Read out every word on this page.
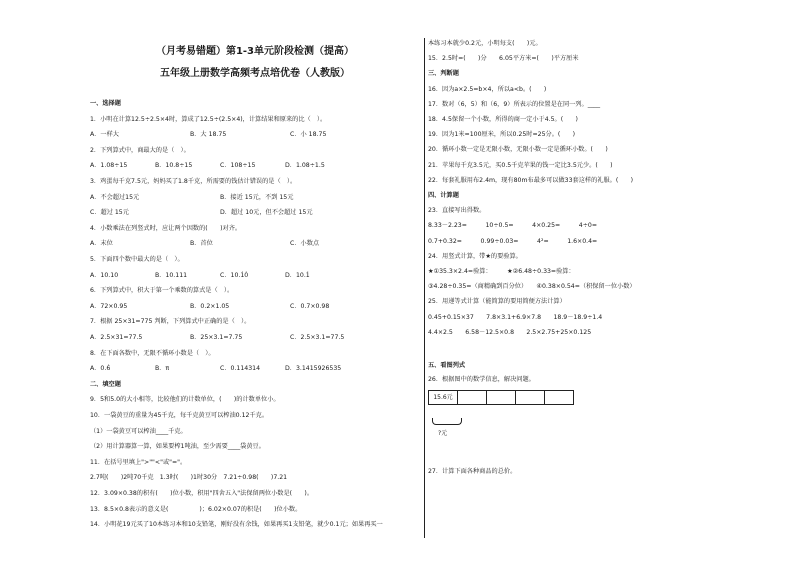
（月考易错题）第1-3单元阶段检测（提高）
五年级上册数学高频考点培优卷（人教版）
一、选择题
1．小明在计算12.5÷2.5×4时，算成了12.5÷(2.5×4)，计算结果和原来的比（　）。
A．一样大	B．大 18.75	C．小 18.75
2．下列算式中，商最大的是（　）。
A．1.08÷15	B．10.8÷15	C．108÷15	D．1.08÷1.5
3．鸡蛋每千克7.5元，妈妈买了1.8千克，所需要的钱估计错误的是（　）。
A．不会超过15元	B．接近 15元，不到 15元
C．超过 15元	D．超过 10元，但不会超过 15元
4．小数乘法在列竖式时，应让两个因数的(　　)对齐。
A．末位	B．首位	C．小数点
5．下面四个数中最大的是（　）。
A．10.10	B．10.111	C．10.1̇0̇	D．10.1̇
6．下列算式中，积大于第一个乘数的算式是（　）。
A．72×0.95	B．0.2×1.05	C．0.7×0.98
7．根据 25×31=775 判断，下列算式中正确的是（　）。
A．2.5×31=77.5	B．25×3.1=7.75	C．2.5×3.1=77.5
8．在下面各数中，无限不循环小数是（　）。
A．0.6̇	B．π	C．0.114314	D．3.1415926535
二、填空题
9．5和5.0的大小相等，比较他们的计数单位，(　　)的计数单位小。
10．一袋黄豆的重量为45千克，每千克黄豆可以榨油0.12千克。
（1）一袋黄豆可以榨油____千克。
（2）用计算器算一算，如果要榨1吨油，至少需要____袋黄豆。
11．在括号里填上">""<"或"="。
2.7吨(　　)2吨70千克　1.3时(　　)1时30分　7.21÷0.98(　　)7.21
12．3.09×0.38的积有(　　)位小数，积用"四舍五入"法保留两位小数是(　　)。
13．8.5×0.8表示的意义是(　　　　　)；6.02×0.07的积是(　　)位小数。
14．小明花19元买了10本练习本和10支铅笔，刚好没有余钱，如果再买1支铅笔，就少0.1元；如果再买一
本练习本就少0.2元，小明每支(　　)元。
15．2.5时=(　　)分　　6.05平方米=(　　)平方厘米
三、判断题
16．因为a×2.5=b×4，所以a<b。(　　)
17．数对（6，5）和（6，9）所表示的位置是在同一列。____
18．4.5保留一个小数，所得的商一定小于4.5。(　　)
19．因为1米=100厘米，所以0.25时=25分。(　　)
20．循环小数一定是无限小数，无限小数一定是循环小数。(　　)
21．苹果每千克3.5元，买0.5千克苹果的钱一定比3.5元少。(　　)
22．每套礼服用布2.4m，现有80m布最多可以做33套这样的礼服。(　　)
四、计算题
23．直接写出得数。
8.33－2.23=　　　10÷0.5=　　　4×0.25=　　　4÷0=
0.7+0.32=　　　0.99÷0.03=　　　4²=　　　1.6×0.4=
24．用竖式计算，带★的要验算。
★①35.3×2.4=验算：　　　★②6.48÷0.33=验算：
③4.28÷0.35=（商精确到百分位）　　④0.38×0.54=（积保留一位小数）
25．用递等式计算（能简算的要用简便方法计算）
0.45+0.15×37　　7.8×3.1+6.9×7.8　　18.9－18.9÷1.4
4.4×2.5　　6.58－12.5×0.8　　2.5×2.75+25×0.125
五、看图列式
26．根据图中的数学信息，解决问题。
27．计算下面各种商品的总价。
15.6元
?元
